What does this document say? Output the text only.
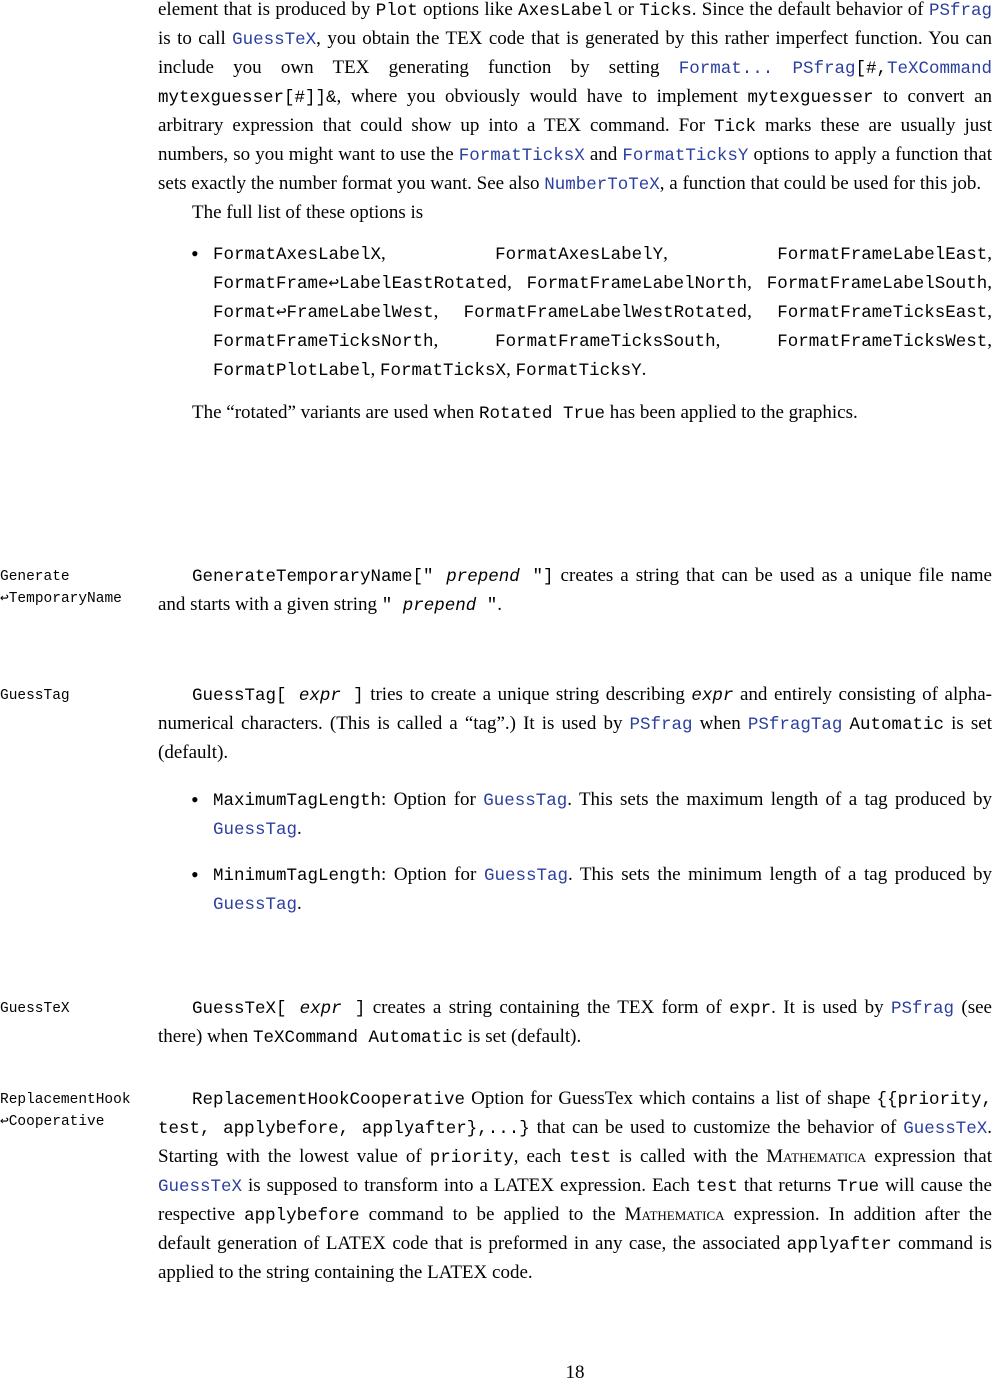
element that is produced by Plot options like AxesLabel or Ticks. Since the default behavior of PSfrag is to call GuessTeX, you obtain the TEX code that is generated by this rather imperfect function. You can include you own TEX generating function by setting Format... PSfrag[#,TeXCommand mytexguesser[#]]&, where you obviously would have to implement mytexguesser to convert an arbitrary expression that could show up into a TEX command. For Tick marks these are usually just numbers, so you might want to use the FormatTicksX and FormatTicksY options to apply a function that sets exactly the number format you want. See also NumberToTeX, a function that could be used for this job.

The full list of these options is

• FormatAxesLabelX, FormatAxesLabelY, FormatFrameLabelEast, FormatFrame↩LabelEastRotated, FormatFrameLabelNorth, FormatFrameLabelSouth, Format↩FrameLabelWest, FormatFrameLabelWestRotated, FormatFrameTicksEast, FormatFrameTicksNorth, FormatFrameTicksSouth, FormatFrameTicksWest, FormatPlotLabel, FormatTicksX, FormatTicksY.

The “rotated” variants are used when Rotated True has been applied to the graphics.

Generate
↩TemporaryName

GenerateTemporaryName[" prepend "] creates a string that can be used as a unique file name and starts with a given string " prepend ".

GuessTag	GuessTag[ expr ] tries to create a unique string describing expr and entirely consisting of alpha-numerical characters. (This is called a “tag”.) It is used by PSfrag when PSfragTag Automatic is set (default).

• MaximumTagLength: Option for GuessTag. This sets the maximum length of a tag produced by GuessTag.
• MinimumTagLength: Option for GuessTag. This sets the minimum length of a tag produced by GuessTag.
GuessTeX	GuessTeX[ expr ] creates a string containing the TEX form of expr. It is used by PSfrag (see there) when TeXCommand Automatic is set (default).

ReplacementHook
↩Cooperative

ReplacementHookCooperative Option for GuessTex which contains a list of shape {{priority, test, applybefore, applyafter},...} that can be used to customize the behavior of GuessTeX. Starting with the lowest value of priority, each test is called with the Mathematica expression that GuessTeX is supposed to transform into a LATEX expression. Each test that returns True will cause the respective applybefore command to be applied to the Mathematica expression. In addition after the default generation of LATEX code that is preformed in any case, the associated applyafter command is applied to the string containing the LATEX code.

18
